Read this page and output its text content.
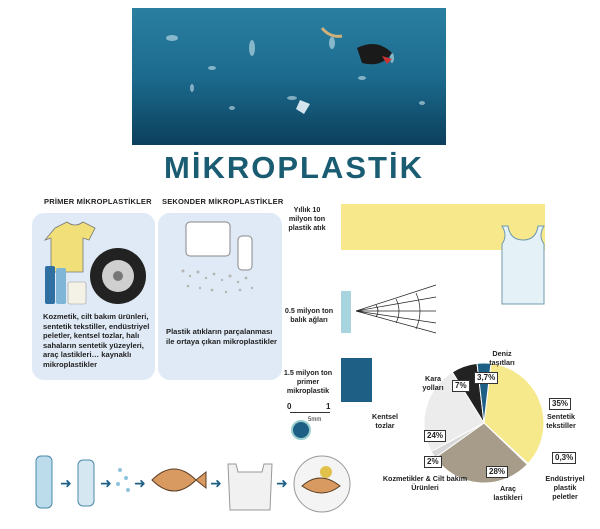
MİKROPLASTİK
PRİMER MİKROPLASTİKLER
Kozmetik, cilt bakım ürünleri, sentetik tekstiller, endüstriyel peletler, kentsel tozlar, halı sahaların sentetik yüzeyleri, araç lastikleri… kaynaklı mikroplastikler
SEKONDER MİKROPLASTİKLER
Plastik atıkların parçalanması ile ortaya çıkan mikroplastikler
Yıllık 10 milyon ton plastik atık
0.5 milyon ton balık ağları
1.5 milyon ton primer mikroplastik
0	1
5mm
Deniz taşıtları
Kara yolları
Kentsel tozlar
Sentetik tekstiller
Kozmetikler & Cilt bakım Ürünleri	Araç lastikleri
Endüstriyel plastik peletler
35%
28%
0,3%
2%
24%
7%
3,7%
➜ ➜ ➜	➜	➜
